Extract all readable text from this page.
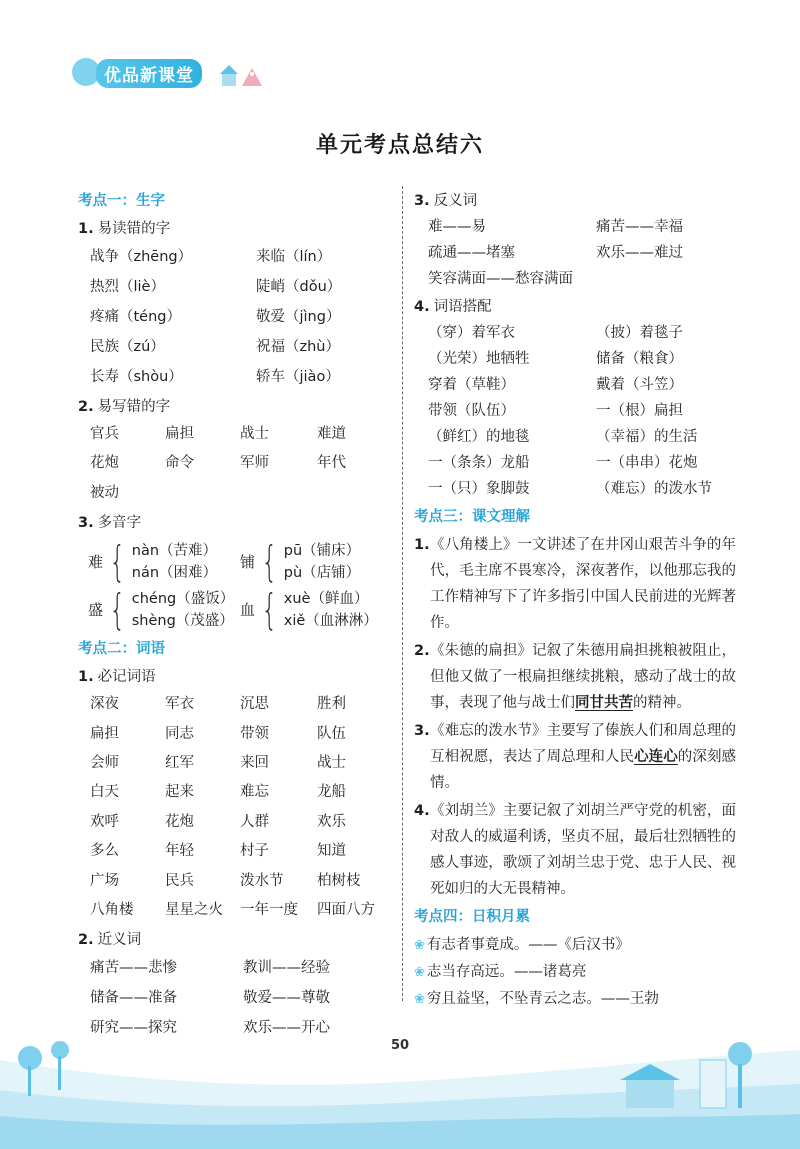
优品新课堂
单元考点总结六
考点一：生字
1. 易读错的字
战争（zhēng）	来临（lín）
热烈（liè）	陡峭（dǒu）
疼痛（téng）	敬爱（jìng）
民族（zú）	祝福（zhù）
长寿（shòu）	轿车（jiào）
2. 易写错的字
官兵	扁担	战士	难道
花炮	命令	军师	年代
被动
3. 多音字
难 { nàn（苦难）
nán（困难）
铺 { pū（铺床）
pù（店铺）
盛 { chéng（盛饭）
shèng（茂盛）
血 { xuè（鲜血）
xiě（血淋淋）
考点二：词语
1. 必记词语
深夜	军衣	沉思	胜利
扁担	同志	带领	队伍
会师	红军	来回	战士
白天	起来	难忘	龙船
欢呼	花炮	人群	欢乐
多么	年轻	村子	知道
广场	民兵	泼水节	柏树枝
八角楼	星星之火	一年一度	四面八方
2. 近义词
痛苦——悲惨	教训——经验
储备——准备	敬爱——尊敬
研究——探究	欢乐——开心
3. 反义词
难——易	痛苦——幸福
疏通——堵塞	欢乐——难过
笑容满面——愁容满面
4. 词语搭配
（穿）着军衣	（披）着毯子
（光荣）地牺牲	储备（粮食）
穿着（草鞋）	戴着（斗笠）
带领（队伍）	一（根）扁担
（鲜红）的地毯	（幸福）的生活
一（条条）龙船	一（串串）花炮
一（只）象脚鼓	（难忘）的泼水节
考点三：课文理解
1. 《八角楼上》一文讲述了在井冈山艰苦斗争的年代，毛主席不畏寒冷，深夜著作，以他那忘我的工作精神写下了许多指引中国人民前进的光辉著作。
2. 《朱德的扁担》记叙了朱德用扁担挑粮被阻止，但他又做了一根扁担继续挑粮，感动了战士的故事，表现了他与战士们同甘共苦的精神。
3. 《难忘的泼水节》主要写了傣族人们和周总理的互相祝愿，表达了周总理和人民心连心的深刻感情。
4. 《刘胡兰》主要记叙了刘胡兰严守党的机密，面对敌人的威逼利诱，坚贞不屈，最后壮烈牺牲的感人事迹，歌颂了刘胡兰忠于党、忠于人民、视死如归的大无畏精神。
考点四：日积月累
❀ 有志者事竟成。——《后汉书》
❀ 志当存高远。——诸葛亮
❀ 穷且益坚，不坠青云之志。——王勃
50
